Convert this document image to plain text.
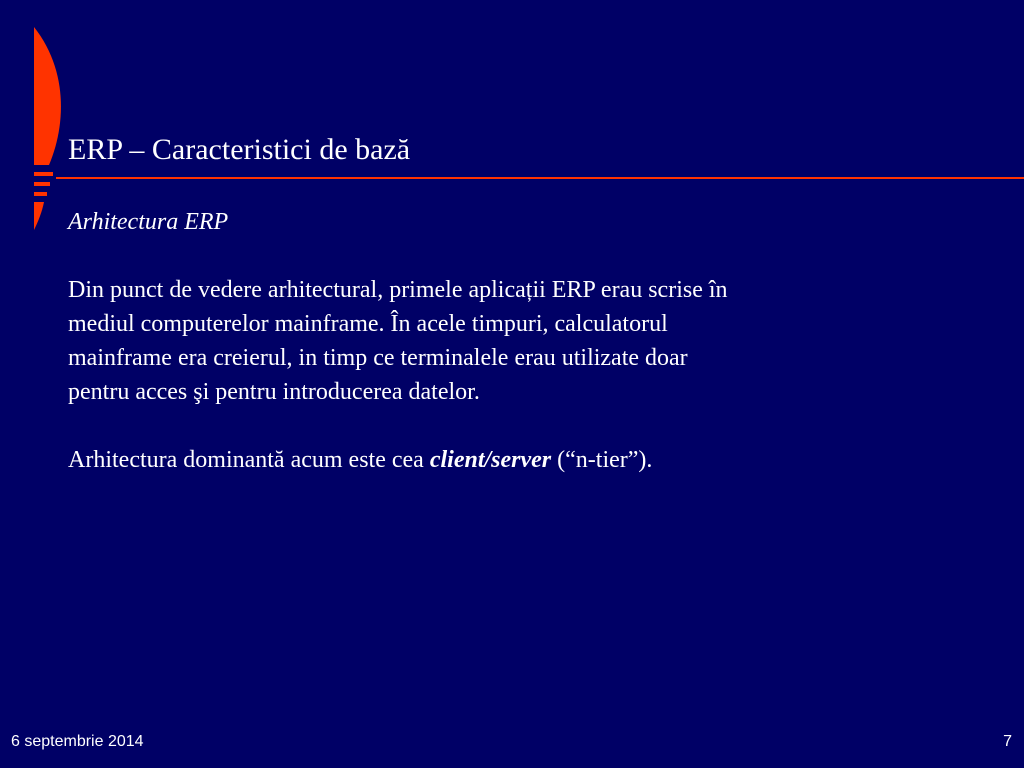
ERP – Caracteristici de bază

Arhitectura ERP

Din punct de vedere arhitectural, primele aplicații ERP erau scrise în
mediul computerelor mainframe. În acele timpuri, calculatorul
mainframe era creierul, in timp ce terminalele erau utilizate doar
pentru acces şi pentru introducerea datelor.

Arhitectura dominantă acum este cea client/server (“n-tier”).

6 septembrie 2014	7
